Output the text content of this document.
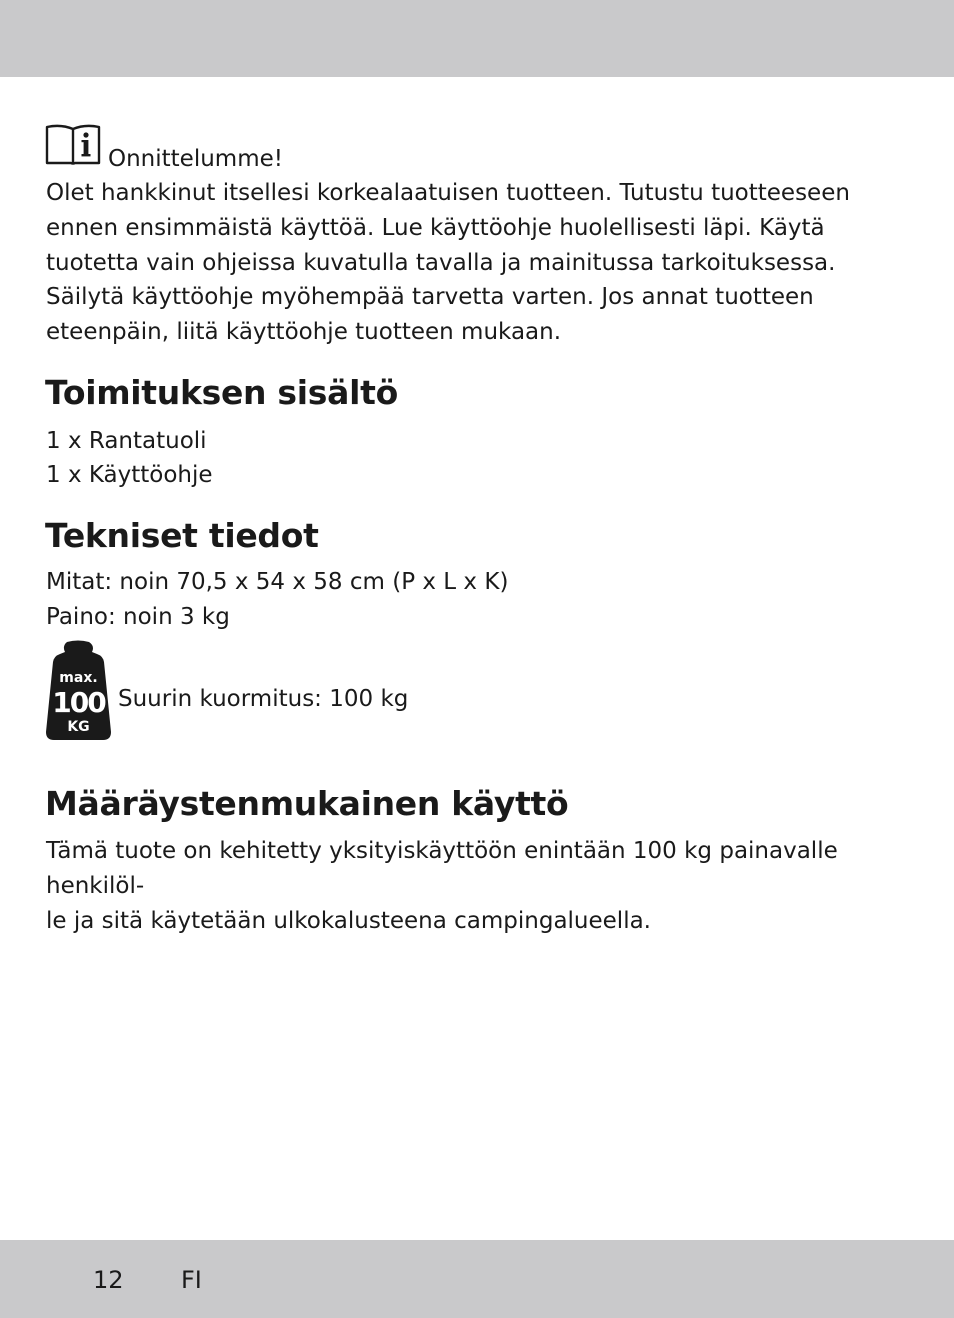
Onnittelumme!

Olet hankkinut itsellesi korkealaatuisen tuotteen. Tutustu tuotteeseen ennen ensimmäistä käyttöä. Lue käyttöohje huolellisesti läpi. Käytä tuotetta vain ohjeissa kuvatulla tavalla ja mainitussa tarkoituksessa. Säilytä käyttöohje myöhempää tarvetta varten. Jos annat tuotteen eteenpäin, liitä käyttöohje tuotteen mukaan.

Toimituksen sisältö
1 x Rantatuoli
1 x Käyttöohje
Tekniset tiedot
Mitat: noin 70,5 x 54 x 58 cm (P x L x K)
Paino: noin 3 kg
max.
100
KG
Suurin kuormitus: 100 kg
Määräystenmukainen käyttö

Tämä tuote on kehitetty yksityiskäyttöön enintään 100 kg painavalle henkilöl-
le ja sitä käytetään ulkokalusteena campingalueella.

12 FI
